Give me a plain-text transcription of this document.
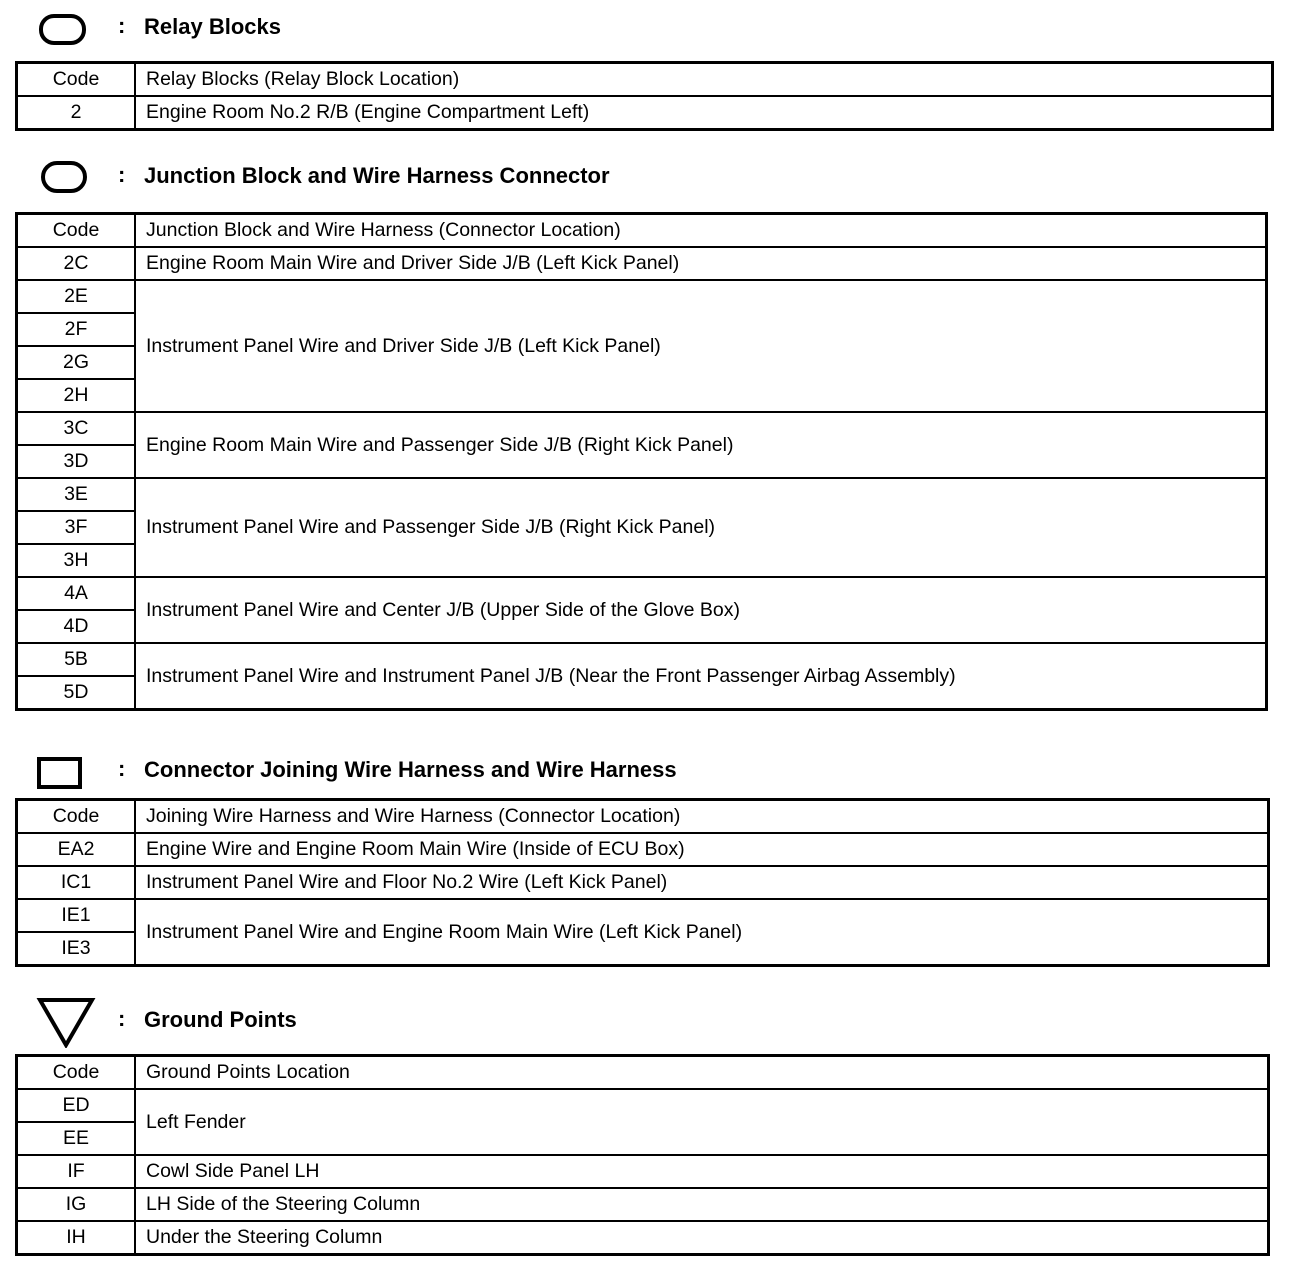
: Relay Blocks
Code	Relay Blocks (Relay Block Location)
2	Engine Room No.2 R/B (Engine Compartment Left)
: Junction Block and Wire Harness Connector
Code	Junction Block and Wire Harness (Connector Location)
2C	Engine Room Main Wire and Driver Side J/B (Left Kick Panel)
2E	Instrument Panel Wire and Driver Side J/B (Left Kick Panel)
2F	
2G	
2H	
3C	Engine Room Main Wire and Passenger Side J/B (Right Kick Panel)
3D	
3E	Instrument Panel Wire and Passenger Side J/B (Right Kick Panel)
3F	
3H	
4A	Instrument Panel Wire and Center J/B (Upper Side of the Glove Box)
4D	
5B	Instrument Panel Wire and Instrument Panel J/B (Near the Front Passenger Airbag Assembly)
5D	
: Connector Joining Wire Harness and Wire Harness
Code	Joining Wire Harness and Wire Harness (Connector Location)
EA2	Engine Wire and Engine Room Main Wire (Inside of ECU Box)
IC1	Instrument Panel Wire and Floor No.2 Wire (Left Kick Panel)
IE1	Instrument Panel Wire and Engine Room Main Wire (Left Kick Panel)
IE3	
: Ground Points
Code	Ground Points Location
ED	Left Fender
EE	
IF	Cowl Side Panel LH
IG	LH Side of the Steering Column
IH	Under the Steering Column
